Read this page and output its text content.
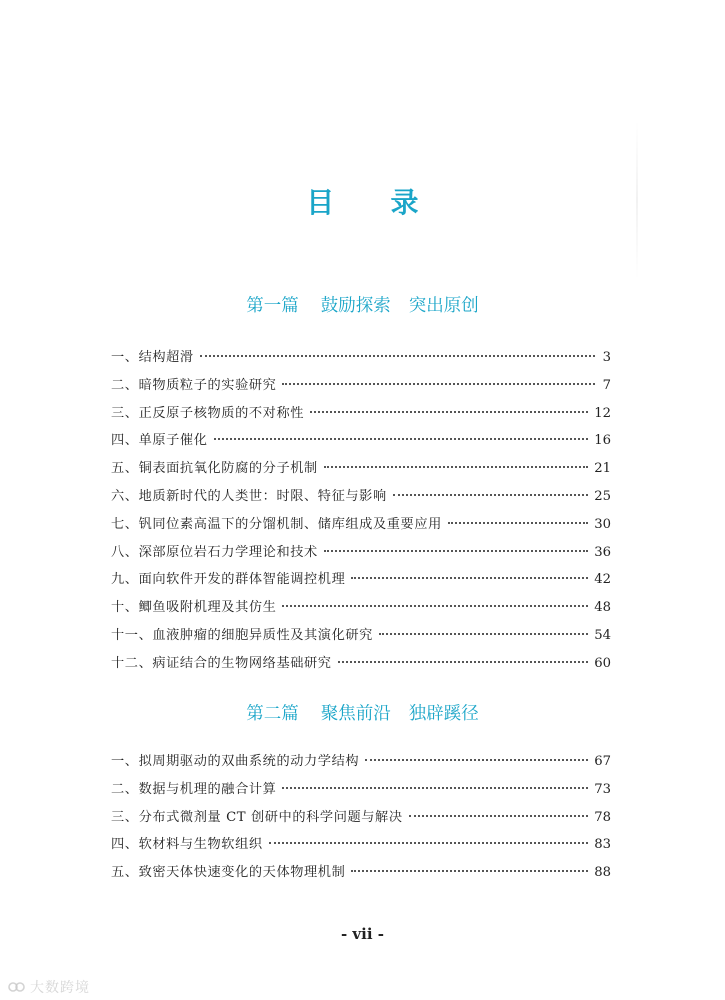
目 录
第一篇 鼓励探索 突出原创
一、结构超滑	3
二、暗物质粒子的实验研究	7
三、正反原子核物质的不对称性	12
四、单原子催化	16
五、铜表面抗氧化防腐的分子机制	21
六、地质新时代的人类世：时限、特征与影响	25
七、钒同位素高温下的分馏机制、储库组成及重要应用	30
八、深部原位岩石力学理论和技术	36
九、面向软件开发的群体智能调控机理	42
十、鲫鱼吸附机理及其仿生	48
十一、血液肿瘤的细胞异质性及其演化研究	54
十二、病证结合的生物网络基础研究	60
第二篇 聚焦前沿 独辟蹊径
一、拟周期驱动的双曲系统的动力学结构	67
二、数据与机理的融合计算	73
三、分布式微剂量 CT 创研中的科学问题与解决	78
四、软材料与生物软组织	83
五、致密天体快速变化的天体物理机制	88
- vii -
大数跨境
